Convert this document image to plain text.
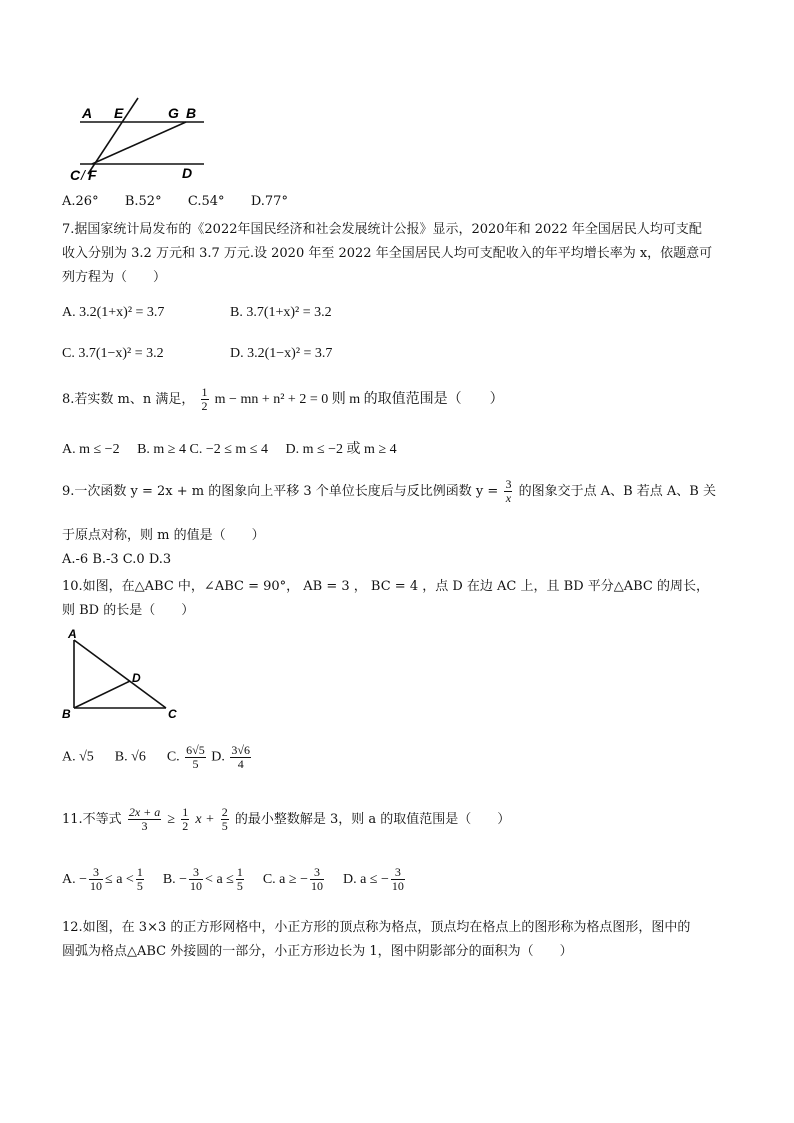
A E	G B
C F	D
/
A.26° B.52° C.54° D.77°
7.据国家统计局发布的《2022年国民经济和社会发展统计公报》显示，2020年和 2022 年全国居民人均可支配
收入分别为 3.2 万元和 3.7 万元.设 2020 年至 2022 年全国居民人均可支配收入的年平均增长率为 x，依题意可
列方程为（　　）
A. 3.2(1+x)² = 3.7	B. 3.7(1+x)² = 3.2
C. 3.7(1−x)² = 3.2	D. 3.2(1−x)² = 3.7
8.若实数 m、n 满足， $\frac{1}{2}$ m − mn + n² + 2 = 0 则 m 的取值范围是（　　）
A. m ≤ −2　 B. m ≥ 4 C. −2 ≤ m ≤ 4　 D. m ≤ −2 或 m ≥ 4
9.一次函数 y = 2x + m 的图象向上平移 3 个单位长度后与反比例函数 $y = \frac{3}{x}$ 的图象交于点 A、B 若点 A、B 关
于原点对称，则 m 的值是（　　）
A.-6 B.-3 C.0 D.3
10.如图，在△ABC 中，∠ABC = 90°， AB = 3 ， BC = 4 ，点 D 在边 AC 上，且 BD 平分△ABC 的周长，
则 BD 的长是（　　）
A
B	C
D
A. √5 B. √6 C. $\frac{6√5}{5} D$. $\frac{3√6}{4}$
11.不等式 $\frac{2x + a}{3} \ge \frac{1}{2}$ $x + \frac{2}{5}$ 的最小整数解是 3，则 a 的取值范围是（　　）
A. − $\frac{3}{10} \le a < \frac{1}{5} B$. − $\frac{3}{10} < a \le \frac{1}{5} C$. a ≥ − $\frac{3}{10} D$. a ≤ − $\frac{3}{10}$
12.如图，在 3×3 的正方形网格中，小正方形的顶点称为格点，顶点均在格点上的图形称为格点图形，图中的
圆弧为格点△ABC 外接圆的一部分，小正方形边长为 1，图中阴影部分的面积为（　　）
